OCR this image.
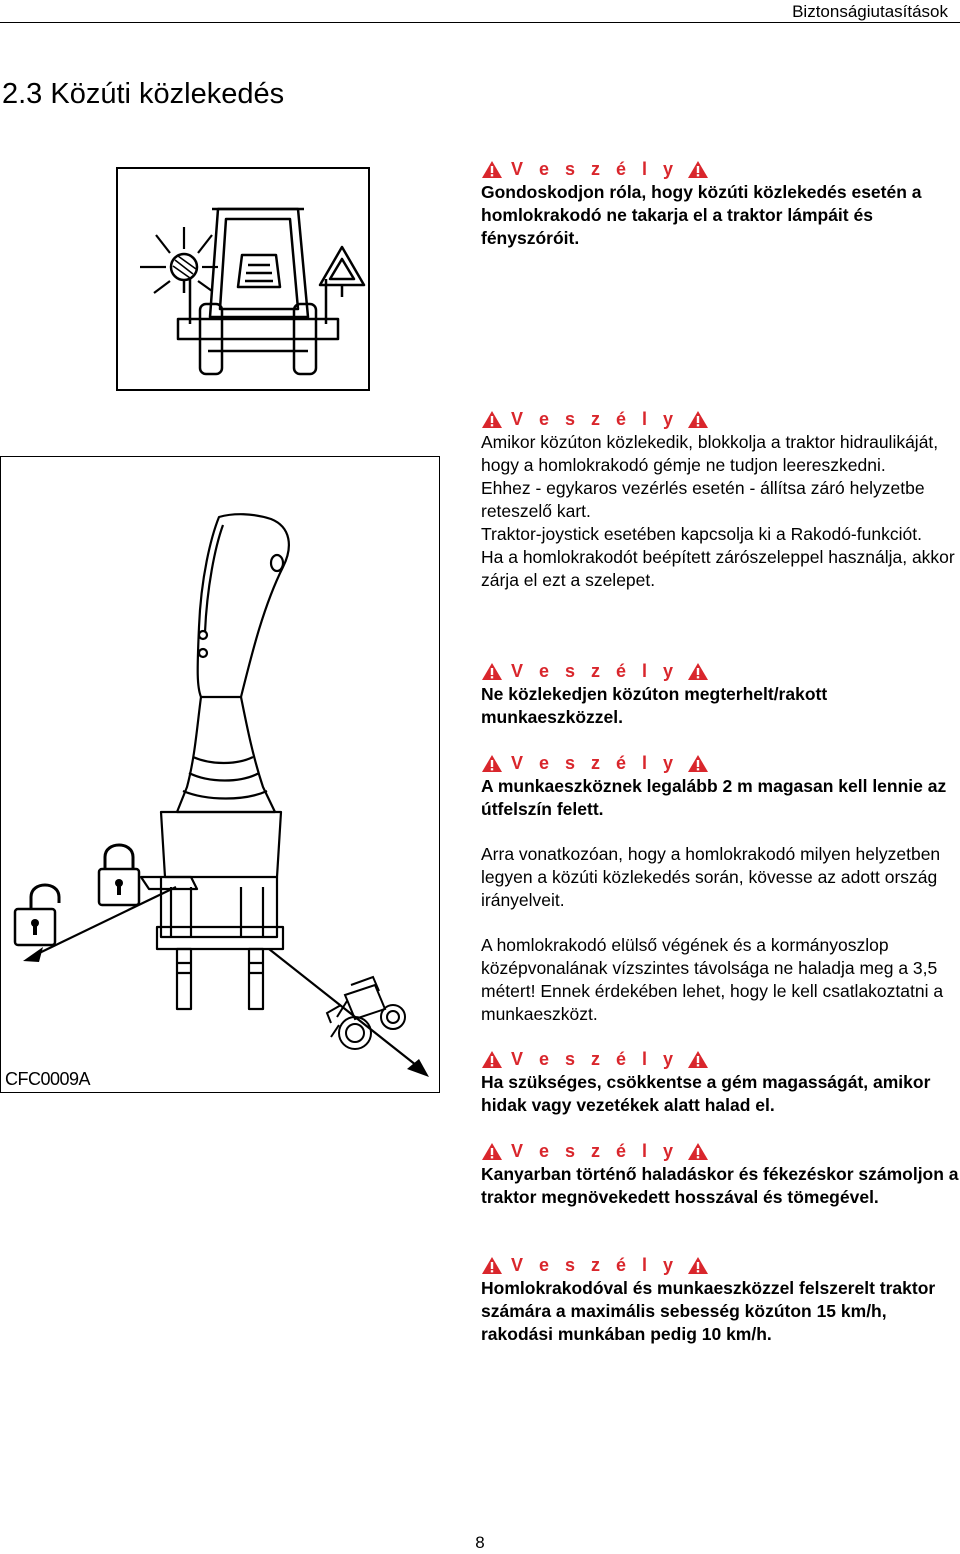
Biztonságiutasítások
2.3 Közúti közlekedés
CFC0009A
V e s z é l y

Gondoskodjon róla, hogy közúti közlekedés esetén a homlokrakodó ne takarja el a traktor lámpáit és fényszóróit.

V e s z é l y

Amikor közúton közlekedik, blokkolja a traktor hidraulikáját, hogy a homlokrakodó gémje ne tudjon leereszkedni.

Ehhez - egykaros vezérlés esetén - állítsa záró helyzetbe reteszelő kart.

Traktor-joystick esetében kapcsolja ki a Rakodó-funkciót.

Ha a homlokrakodót beépített zárószeleppel használja, akkor zárja el ezt a szelepet.

V e s z é l y

Ne közlekedjen közúton megterhelt/rakott munkaeszközzel.

V e s z é l y

A munkaeszköznek legalább 2 m magasan kell lennie az útfelszín felett.

Arra vonatkozóan, hogy a homlokrakodó milyen helyzetben legyen a közúti közlekedés során, kövesse az adott ország irányelveit.

A homlokrakodó elülső végének és a kormányoszlop középvonalának vízszintes távolsága ne haladja meg a 3,5 métert! Ennek érdekében lehet, hogy le kell csatlakoztatni a munkaeszközt.

V e s z é l y

Ha szükséges, csökkentse a gém magasságát, amikor hidak vagy vezetékek alatt halad el.

V e s z é l y

Kanyarban történő haladáskor és fékezéskor számoljon a traktor megnövekedett hosszával és tömegével.

V e s z é l y

Homlokrakodóval és munkaeszközzel felszerelt traktor számára a maximális sebesség közúton 15 km/h, rakodási munkában pedig 10 km/h.

8
